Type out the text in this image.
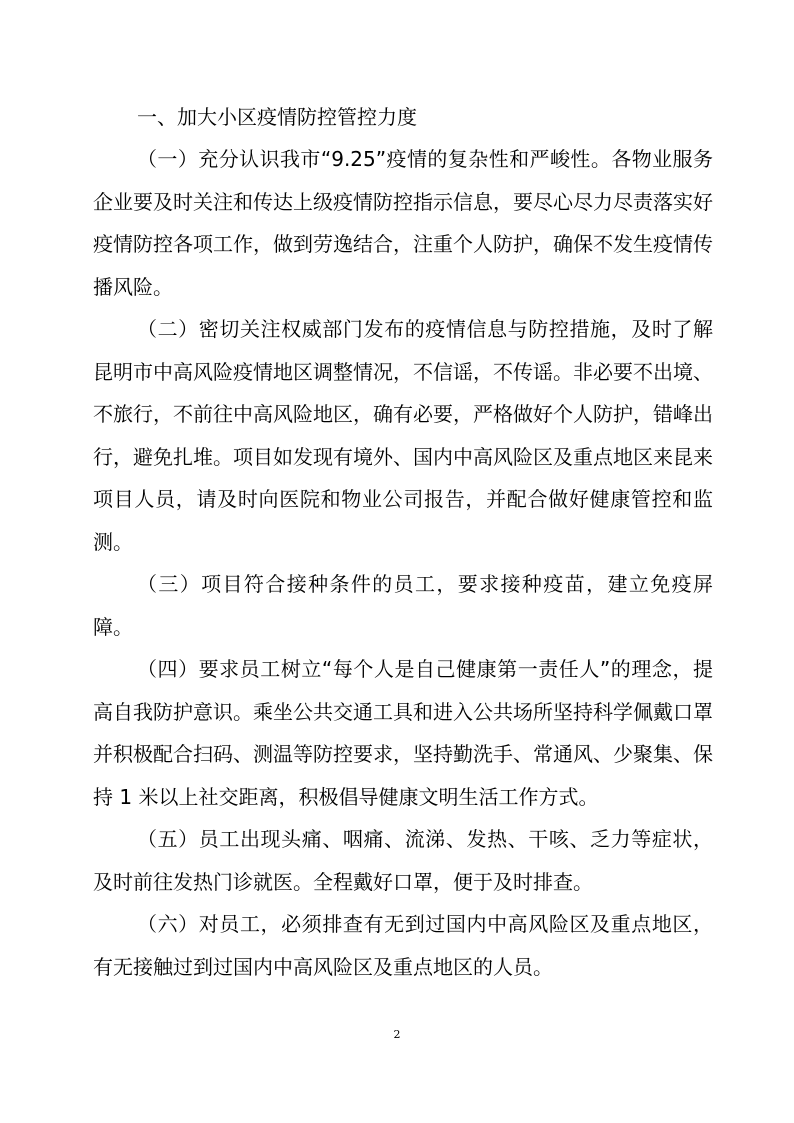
一、加大小区疫情防控管控力度

（一）充分认识我市“9.25”疫情的复杂性和严峻性。各物业服务企业要及时关注和传达上级疫情防控指示信息，要尽心尽力尽责落实好疫情防控各项工作，做到劳逸结合，注重个人防护，确保不发生疫情传播风险。

（二）密切关注权威部门发布的疫情信息与防控措施，及时了解昆明市中高风险疫情地区调整情况，不信谣，不传谣。非必要不出境、不旅行，不前往中高风险地区，确有必要，严格做好个人防护，错峰出行，避免扎堆。项目如发现有境外、国内中高风险区及重点地区来昆来项目人员，请及时向医院和物业公司报告，并配合做好健康管控和监测。

（三）项目符合接种条件的员工，要求接种疫苗，建立免疫屏障。

（四）要求员工树立“每个人是自己健康第一责任人”的理念，提高自我防护意识。乘坐公共交通工具和进入公共场所坚持科学佩戴口罩并积极配合扫码、测温等防控要求，坚持勤洗手、常通风、少聚集、保持 1 米以上社交距离，积极倡导健康文明生活工作方式。

（五）员工出现头痛、咽痛、流涕、发热、干咳、乏力等症状，及时前往发热门诊就医。全程戴好口罩，便于及时排查。

（六）对员工，必须排查有无到过国内中高风险区及重点地区，有无接触过到过国内中高风险区及重点地区的人员。

2
